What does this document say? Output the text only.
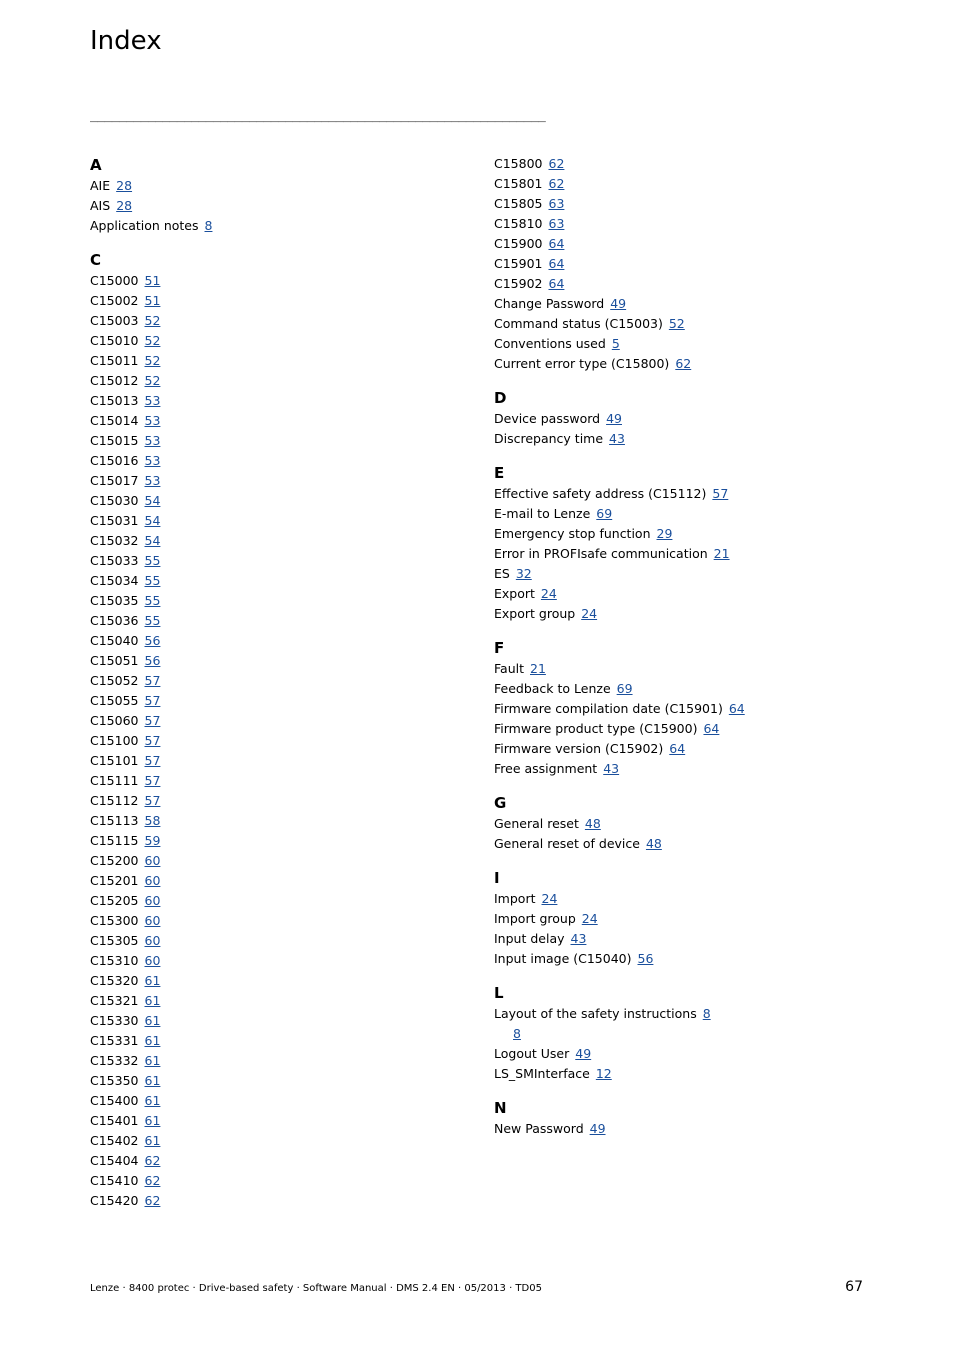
Index
_______________________________________________________________
A
AIE 28
AIS 28
Application notes 8
C
C15000 51
C15002 51
C15003 52
C15010 52
C15011 52
C15012 52
C15013 53
C15014 53
C15015 53
C15016 53
C15017 53
C15030 54
C15031 54
C15032 54
C15033 55
C15034 55
C15035 55
C15036 55
C15040 56
C15051 56
C15052 57
C15055 57
C15060 57
C15100 57
C15101 57
C15111 57
C15112 57
C15113 58
C15115 59
C15200 60
C15201 60
C15205 60
C15300 60
C15305 60
C15310 60
C15320 61
C15321 61
C15330 61
C15331 61
C15332 61
C15350 61
C15400 61
C15401 61
C15402 61
C15404 62
C15410 62
C15420 62
C15800 62
C15801 62
C15805 63
C15810 63
C15900 64
C15901 64
C15902 64
Change Password 49
Command status (C15003) 52
Conventions used 5
Current error type (C15800) 62
D
Device password 49
Discrepancy time 43
E
Effective safety address (C15112) 57
E-mail to Lenze 69
Emergency stop function 29
Error in PROFIsafe communication 21
ES 32
Export 24
Export group 24
F
Fault 21
Feedback to Lenze 69
Firmware compilation date (C15901) 64
Firmware product type (C15900) 64
Firmware version (C15902) 64
Free assignment 43
G
General reset 48
General reset of device 48
I
Import 24
Import group 24
Input delay 43
Input image (C15040) 56
L
Layout of the safety instructions 8
8
Logout User 49
LS_SMInterface 12
N
New Password 49
Lenze · 8400 protec · Drive-based safety · Software Manual · DMS 2.4 EN · 05/2013 · TD05	67
